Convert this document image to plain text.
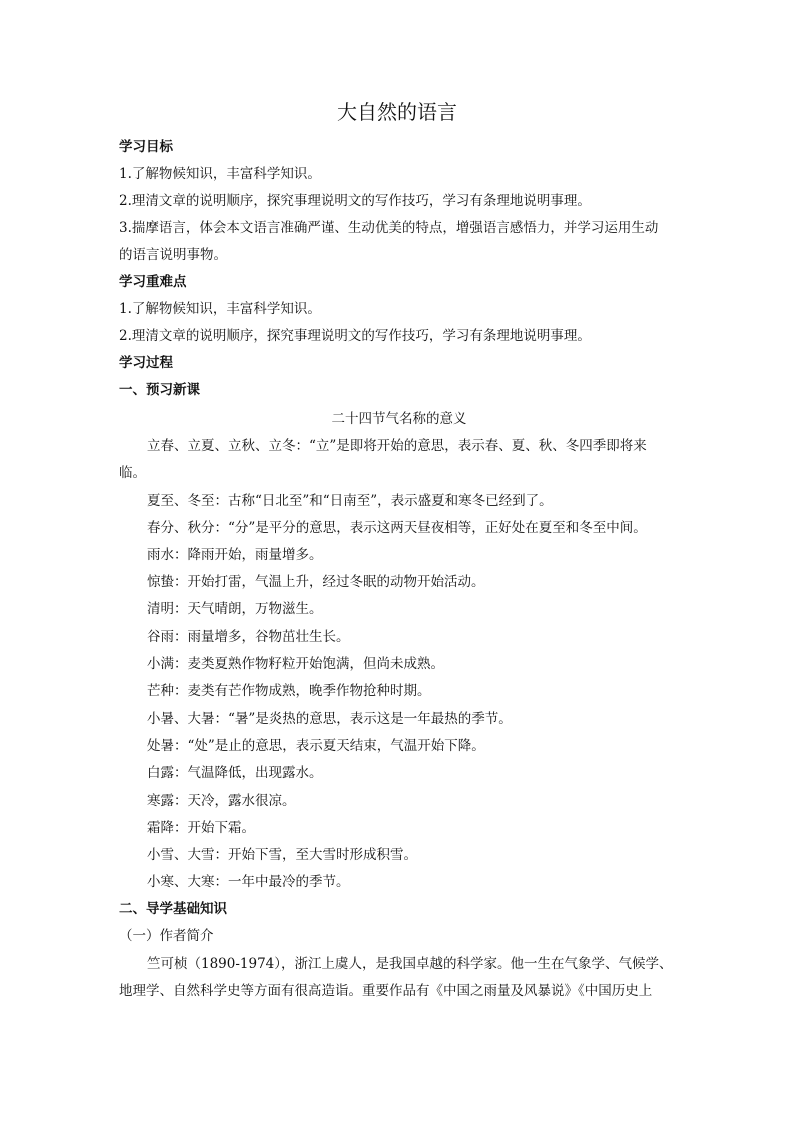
大自然的语言
学习目标
1.了解物候知识，丰富科学知识。
2.理清文章的说明顺序，探究事理说明文的写作技巧，学习有条理地说明事理。
3.揣摩语言，体会本文语言准确严谨、生动优美的特点，增强语言感悟力，并学习运用生动
的语言说明事物。
学习重难点
1.了解物候知识，丰富科学知识。
2.理清文章的说明顺序，探究事理说明文的写作技巧，学习有条理地说明事理。
学习过程
一、预习新课
二十四节气名称的意义
立春、立夏、立秋、立冬：“立”是即将开始的意思，表示春、夏、秋、冬四季即将来
临。
夏至、冬至：古称“日北至”和“日南至”，表示盛夏和寒冬已经到了。
春分、秋分：“分”是平分的意思，表示这两天昼夜相等，正好处在夏至和冬至中间。
雨水：降雨开始，雨量增多。
惊蛰：开始打雷，气温上升，经过冬眠的动物开始活动。
清明：天气晴朗，万物滋生。
谷雨：雨量增多，谷物茁壮生长。
小满：麦类夏熟作物籽粒开始饱满，但尚未成熟。
芒种：麦类有芒作物成熟，晚季作物抢种时期。
小暑、大暑：“暑”是炎热的意思，表示这是一年最热的季节。
处暑：“处”是止的意思，表示夏天结束，气温开始下降。
白露：气温降低，出现露水。
寒露：天冷，露水很凉。
霜降：开始下霜。
小雪、大雪：开始下雪，至大雪时形成积雪。
小寒、大寒：一年中最冷的季节。
二、导学基础知识
（一）作者简介
竺可桢（1890-1974），浙江上虞人，是我国卓越的科学家。他一生在气象学、气候学、
地理学、自然科学史等方面有很高造诣。重要作品有《中国之雨量及风暴说》《中国历史上
